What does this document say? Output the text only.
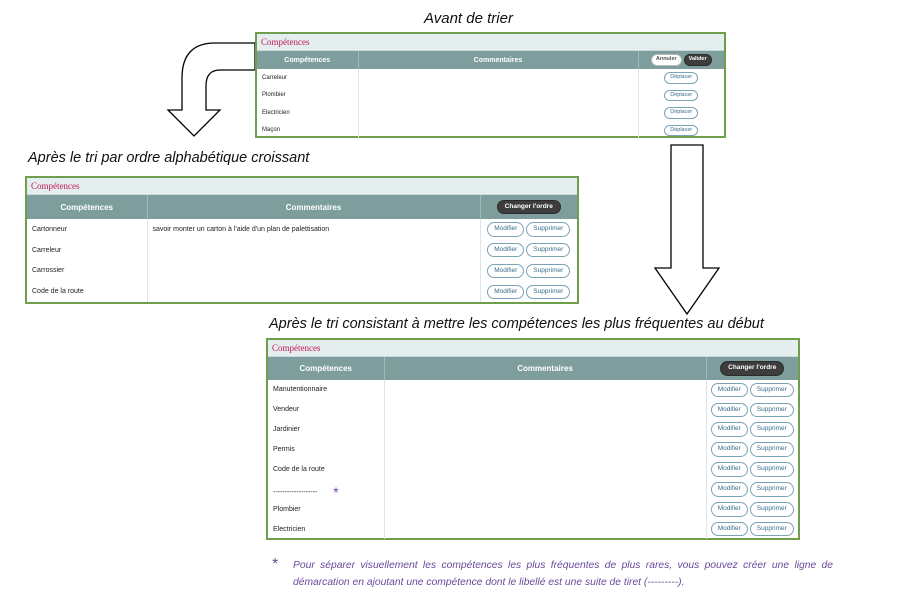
Avant de trier
Après le tri par ordre alphabétique croissant
Après le tri consistant à mettre les compétences les plus fréquentes au début
Compétences
Compétences	Commentaires	Annuler Valider
Carreleur		Déplacer
Plombier		Déplacer
Electricien		Déplacer
Maçon		Déplacer
Compétences
Compétences	Commentaires	Changer l'ordre
Cartonneur	savoir monter un carton à l'aide d'un plan de palettisation	Modifier Supprimer
Carreleur		Modifier Supprimer
Carrossier		Modifier Supprimer
Code de la route		Modifier Supprimer
Compétences
Compétences	Commentaires	Changer l'ordre
Manutentionnaire		Modifier Supprimer
Vendeur		Modifier Supprimer
Jardinier		Modifier Supprimer
Permis		Modifier Supprimer
Code de la route		Modifier Supprimer
------------------- *		Modifier Supprimer
Plombier		Modifier Supprimer
Electricien		Modifier Supprimer
* Pour séparer visuellement les compétences les plus fréquentes de plus rares, vous pouvez créer une ligne de démarcation en ajoutant une compétence dont le libellé est une suite de tiret (---------).
